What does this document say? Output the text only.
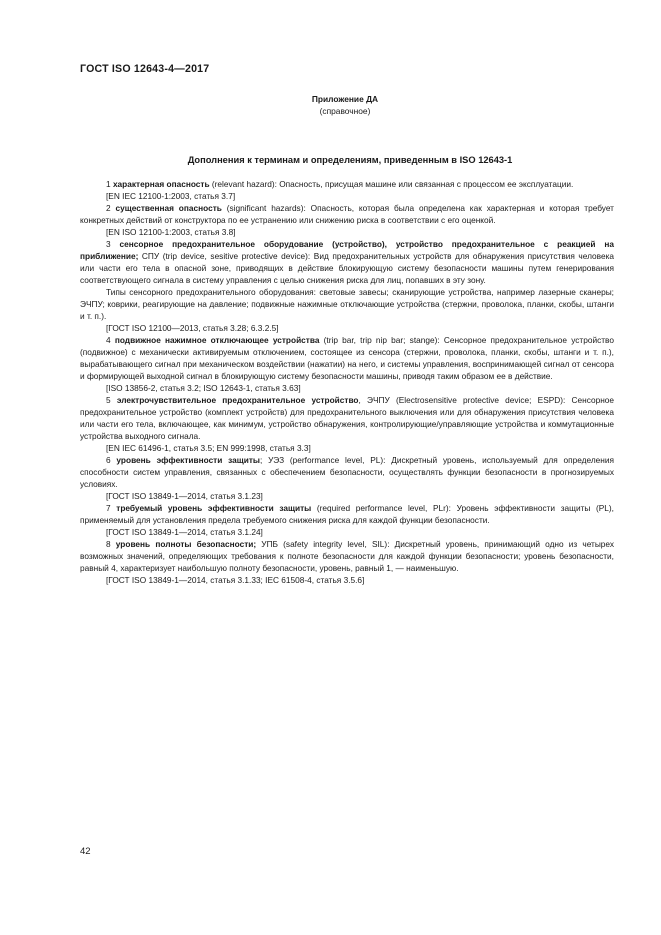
ГОСТ ISO 12643-4—2017
Приложение ДА
(справочное)
Дополнения к терминам и определениям, приведенным в ISO 12643-1

1 характерная опасность (relevant hazard): Опасность, присущая машине или связанная с процессом ее эксплуатации.

[EN IEC 12100-1:2003, статья 3.7]

2 существенная опасность (significant hazards): Опасность, которая была определена как характерная и которая требует конкретных действий от конструктора по ее устранению или снижению риска в соответствии с его оценкой.

[EN ISO 12100-1:2003, статья 3.8]

3 сенсорное предохранительное оборудование (устройство), устройство предохранительное с реакцией на приближение; СПУ (trip device, sesitive protective device): Вид предохранительных устройств для обнаружения присутствия человека или части его тела в опасной зоне, приводящих в действие блокирующую систему безопасности машины путем генерирования соответствующего сигнала в систему управления с целью снижения риска для лиц, попавших в эту зону.

Типы сенсорного предохранительного оборудования: световые завесы; сканирующие устройства, например лазерные сканеры; ЭЧПУ; коврики, реагирующие на давление; подвижные нажимные отключающие устройства (стержни, проволока, планки, скобы, штанги и т. п.).

[ГОСТ ISO 12100—2013, статья 3.28; 6.3.2.5]

4 подвижное нажимное отключающее устройства (trip bar, trip nip bar; stange): Сенсорное предохранительное устройство (подвижное) с механически активируемым отключением, состоящее из сенсора (стержни, проволока, планки, скобы, штанги и т. п.), вырабатывающего сигнал при механическом воздействии (нажатии) на него, и системы управления, воспринимающей сигнал от сенсора и формирующей выходной сигнал в блокирующую систему безопасности машины, приводя таким образом ее в действие.

[ISO 13856-2, статья 3.2; ISO 12643-1, статья 3.63]

5 электрочувствительное предохранительное устройство, ЭЧПУ (Electrosensitive protective device; ESPD): Сенсорное предохранительное устройство (комплект устройств) для предохранительного выключения или для обнаружения присутствия человека или части его тела, включающее, как минимум, устройство обнаружения, контролирующие/управляющие устройства и коммутационные устройства выходного сигнала.

[EN IEC 61496-1, статья 3.5; EN 999:1998, статья 3.3]

6 уровень эффективности защиты; УЭЗ (performance level, PL): Дискретный уровень, используемый для определения способности систем управления, связанных с обеспечением безопасности, осуществлять функции безопасности в прогнозируемых условиях.

[ГОСТ ISO 13849-1—2014, статья 3.1.23]

7 требуемый уровень эффективности защиты (required performance level, PLr): Уровень эффективности защиты (PL), применяемый для установления предела требуемого снижения риска для каждой функции безопасности.

[ГОСТ ISO 13849-1—2014, статья 3.1.24]

8 уровень полноты безопасности; УПБ (safety integrity level, SIL): Дискретный уровень, принимающий одно из четырех возможных значений, определяющих требования к полноте безопасности для каждой функции безопасности; уровень безопасности, равный 4, характеризует наибольшую полноту безопасности, уровень, равный 1, — наименьшую.

[ГОСТ ISO 13849-1—2014, статья 3.1.33; IEC 61508-4, статья 3.5.6]

42
